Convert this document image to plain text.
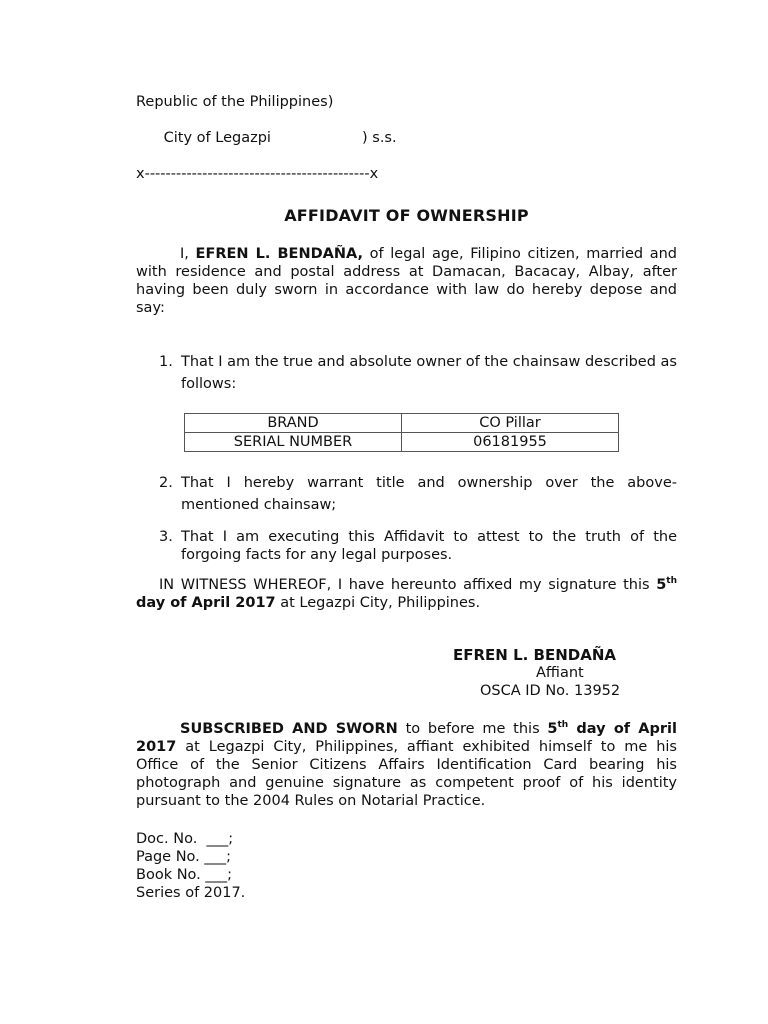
Republic of the Philippines)

City of Legazpi	) s.s.

x-------------------------------------------x
AFFIDAVIT OF OWNERSHIP

I, EFREN L. BENDAÑA, of legal age, Filipino citizen, married and with residence and postal address at Damacan, Bacacay, Albay, after having been duly sworn in accordance with law do hereby depose and say:

1. That I am the true and absolute owner of the chainsaw described as follows:
BRAND	CO Pillar
SERIAL NUMBER	06181955
2. That I hereby warrant title and ownership over the above-mentioned chainsaw;
3. That I am executing this Affidavit to attest to the truth of the forgoing facts for any legal purposes.

IN WITNESS WHEREOF, I have hereunto affixed my signature this 5th day of April 2017 at Legazpi City, Philippines.

EFREN L. BENDAÑA
Affiant
OSCA ID No. 13952

SUBSCRIBED AND SWORN to before me this 5th day of April 2017 at Legazpi City, Philippines, affiant exhibited himself to me his Office of the Senior Citizens Affairs Identification Card bearing his photograph and genuine signature as competent proof of his identity pursuant to the 2004 Rules on Notarial Practice.

Doc. No.  ___;
Page No. ___;
Book No. ___;
Series of 2017.
